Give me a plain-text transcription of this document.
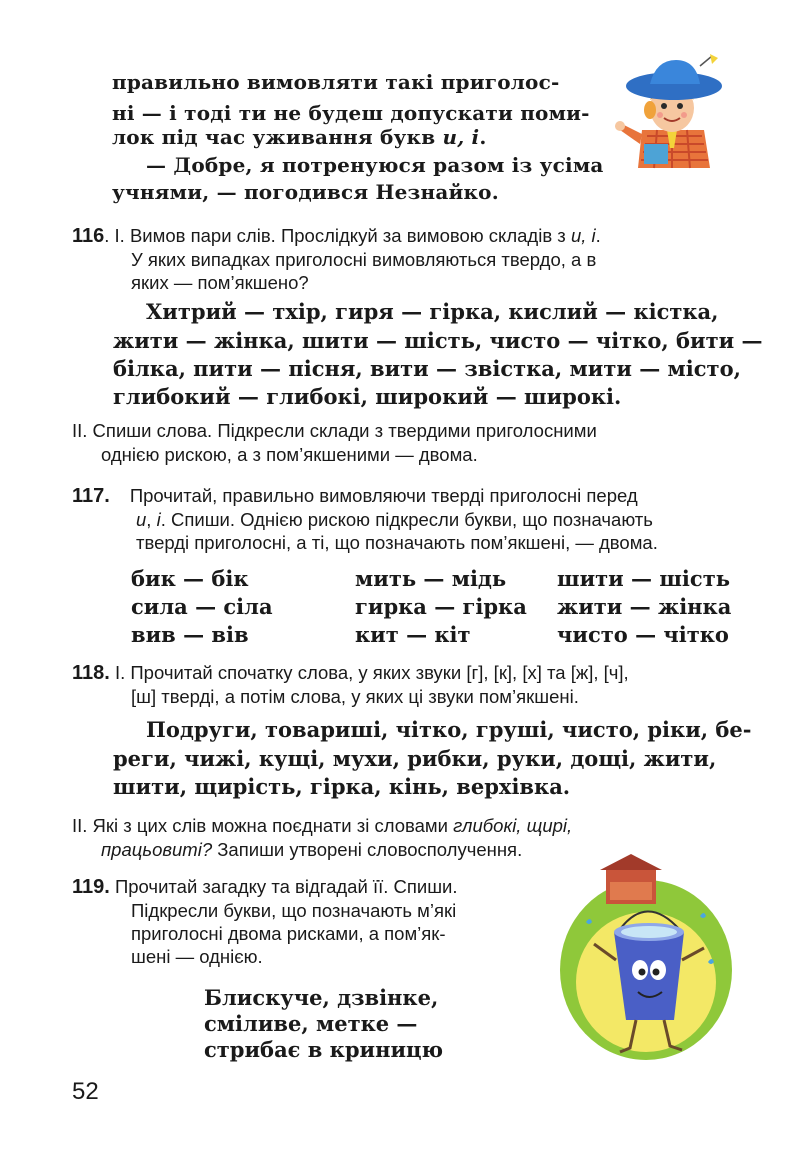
правильно вимовляти такі приголос-
ні — і тоді ти не будеш допускати поми-
лок під час уживання букв и, і.
— Добре, я потренуюся разом із усіма
учнями, — погодився Незнайко.
116. І. Вимов пари слів. Прослідкуй за вимовою складів з и, і.
У яких випадках приголосні вимовляються твердо, а в
яких — пом’якшено?
Хитрий — тхір, гиря — гірка, кислий — кістка,
жити — жінка, шити — шість, чисто — чітко, бити —
білка, пити — пісня, вити — звістка, мити — місто,
глибокий — глибокі, широкий — широкі.
II. Спиши слова. Підкресли склади з твердими приголосними
однією рискою, а з пом’якшеними — двома.
117. Прочитай, правильно вимовляючи тверді приголосні перед
и, і. Спиши. Однією рискою підкресли букви, що позначають
тверді приголосні, а ті, що позначають пом’якшені, — двома.
бик — бік
сила — сіла
вив — вів
мить — мідь
гирка — гірка
кит — кіт
шити — шість
жити — жінка
чисто — чітко
118. І. Прочитай спочатку слова, у яких звуки [г], [к], [х] та [ж], [ч],
[ш] тверді, а потім слова, у яких ці звуки пом’якшені.
Подруги, товариші, чітко, груші, чисто, ріки, бе-
реги, чижі, кущі, мухи, рибки, руки, дощі, жити,
шити, щирість, гірка, кінь, верхівка.
II. Які з цих слів можна поєднати зі словами глибокі, щирі,
працьовиті? Запиши утворені словосполучення.
119. Прочитай загадку та відгадай її. Спиши.
Підкресли букви, що позначають м’які
приголосні двома рисками, а пом’як-
шені — однією.
Блискуче, дзвінке,
сміливе, метке —
стрибає в криницю
52
